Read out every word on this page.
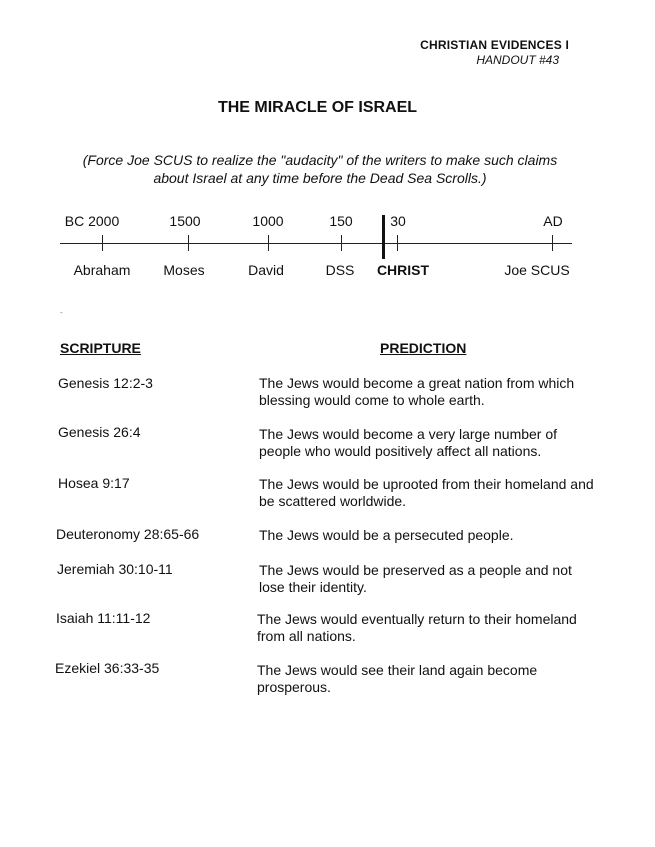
CHRISTIAN EVIDENCES I
HANDOUT #43
THE MIRACLE OF ISRAEL
(Force Joe SCUS to realize the "audacity" of the writers to make such claims about Israel at any time before the Dead Sea Scrolls.)
BC 2000	1500	1000	150	30	AD
Abraham Moses	David	DSS CHRIST	Joe SCUS
-
SCRIPTURE	PREDICTION
Genesis 12:2-3	The Jews would become a great nation from which blessing would come to whole earth.
Genesis 26:4	The Jews would become a very large number of people who would positively affect all nations.
Hosea 9:17	The Jews would be uprooted from their homeland and be scattered worldwide.
Deuteronomy 28:65-66	The Jews would be a persecuted people.
Jeremiah 30:10-11	The Jews would be preserved as a people and not lose their identity.
Isaiah 11:11-12	The Jews would eventually return to their homeland from all nations.
Ezekiel 36:33-35	The Jews would see their land again become prosperous.
